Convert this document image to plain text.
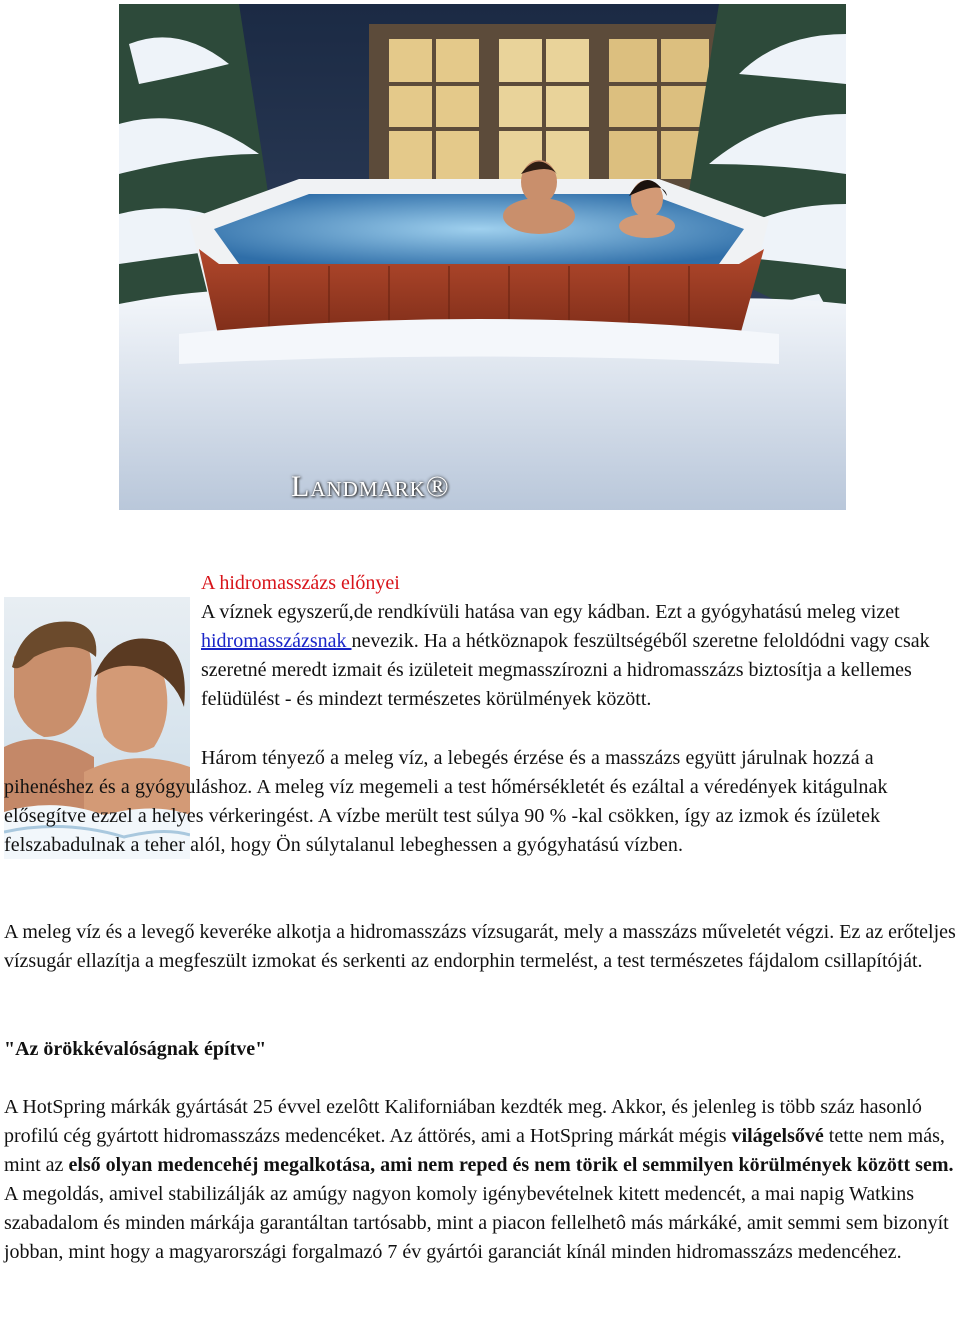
Landmark®
A hidromasszázs előnyei

A víznek egyszerű,de rendkívüli hatása van egy kádban. Ezt a gyógyhatású meleg vizet hidromasszázsnak nevezik. Ha a hétköznapok feszültségéből szeretne feloldódni vagy csak szeretné meredt izmait és izületeit megmasszírozni a hidromasszázs biztosítja a kellemes felüdülést - és mindezt természetes körülmények között.

Három tényező a meleg víz, a lebegés érzése és a masszázs együtt járulnak hozzá a pihenéshez és a gyógyuláshoz. A meleg víz megemeli a test hőmérsékletét és ezáltal a véredények kitágulnak elősegítve ezzel a helyes vérkeringést. A vízbe merült test súlya 90 % -kal csökken, így az izmok és ízületek felszabadulnak a teher alól, hogy Ön súlytalanul lebeghessen a gyógyhatású vízben.

A meleg víz és a levegő keveréke alkotja a hidromasszázs vízsugarát, mely a masszázs műveletét végzi. Ez az erőteljes vízsugár ellazítja a megfeszült izmokat és serkenti az endorphin termelést, a test természetes fájdalom csillapítóját.

"Az örökkévalóságnak építve"

A HotSpring márkák gyártását 25 évvel ezelôtt Kaliforniában kezdték meg. Akkor, és jelenleg is több száz hasonló profilú cég gyártott hidromasszázs medencéket. Az áttörés, ami a HotSpring márkát mégis világelsővé tette nem más, mint az első olyan medencehéj megalkotása, ami nem reped és nem törik el semmilyen körülmények között sem. A megoldás, amivel stabilizálják az amúgy nagyon komoly igénybevételnek kitett medencét, a mai napig Watkins szabadalom és minden márkája garantáltan tartósabb, mint a piacon fellelhetô más márkáké, amit semmi sem bizonyít jobban, mint hogy a magyarországi forgalmazó 7 év gyártói garanciát kínál minden hidromasszázs medencéhez.
